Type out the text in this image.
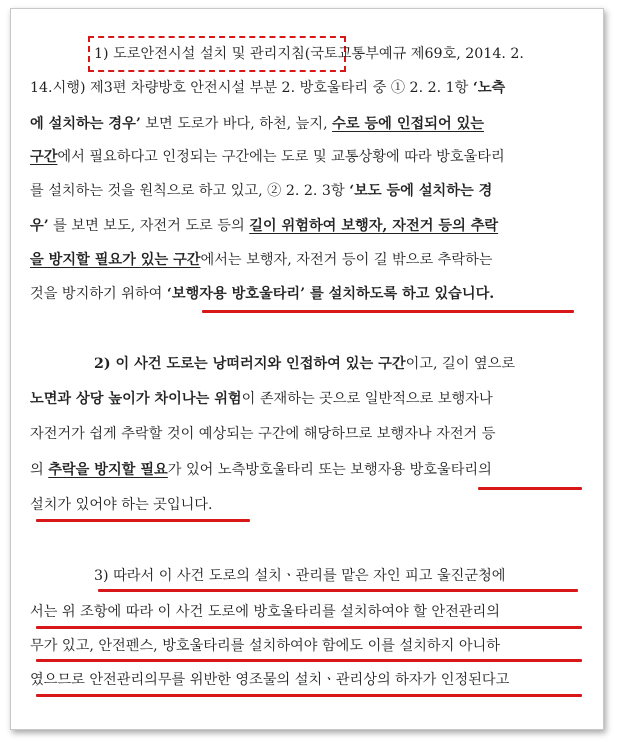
1) 도로안전시설 설치 및 관리지침(국토교통부예규 제69호, 2014. 2.
14.시행) 제3편 차량방호 안전시설 부분 2. 방호울타리 중 ① 2. 2. 1항 ‘노측
에 설치하는 경우’ 보면 도로가 바다, 하천, 늪지, 수로 등에 인접되어 있는
구간에서 필요하다고 인정되는 구간에는 도로 및 교통상황에 따라 방호울타리
를 설치하는 것을 원칙으로 하고 있고, ② 2. 2. 3항 ‘보도 등에 설치하는 경
우’ 를 보면 보도, 자전거 도로 등의 길이 위험하여 보행자, 자전거 등의 추락
을 방지할 필요가 있는 구간에서는 보행자, 자전거 등이 길 밖으로 추락하는
것을 방지하기 위하여 ‘보행자용 방호울타리’ 를 설치하도록 하고 있습니다.
2) 이 사건 도로는 낭떠러지와 인접하여 있는 구간이고, 길이 옆으로
노면과 상당 높이가 차이나는 위험이 존재하는 곳으로 일반적으로 보행자나
자전거가 쉽게 추락할 것이 예상되는 구간에 해당하므로 보행자나 자전거 등
의 추락을 방지할 필요가 있어 노측방호울타리 또는 보행자용 방호울타리의
설치가 있어야 하는 곳입니다.
3) 따라서 이 사건 도로의 설치ㆍ관리를 맡은 자인 피고 울진군청에
서는 위 조항에 따라 이 사건 도로에 방호울타리를 설치하여야 할 안전관리의
무가 있고, 안전펜스, 방호울타리를 설치하여야 함에도 이를 설치하지 아니하
였으므로 안전관리의무를 위반한 영조물의 설치ㆍ관리상의 하자가 인정된다고
